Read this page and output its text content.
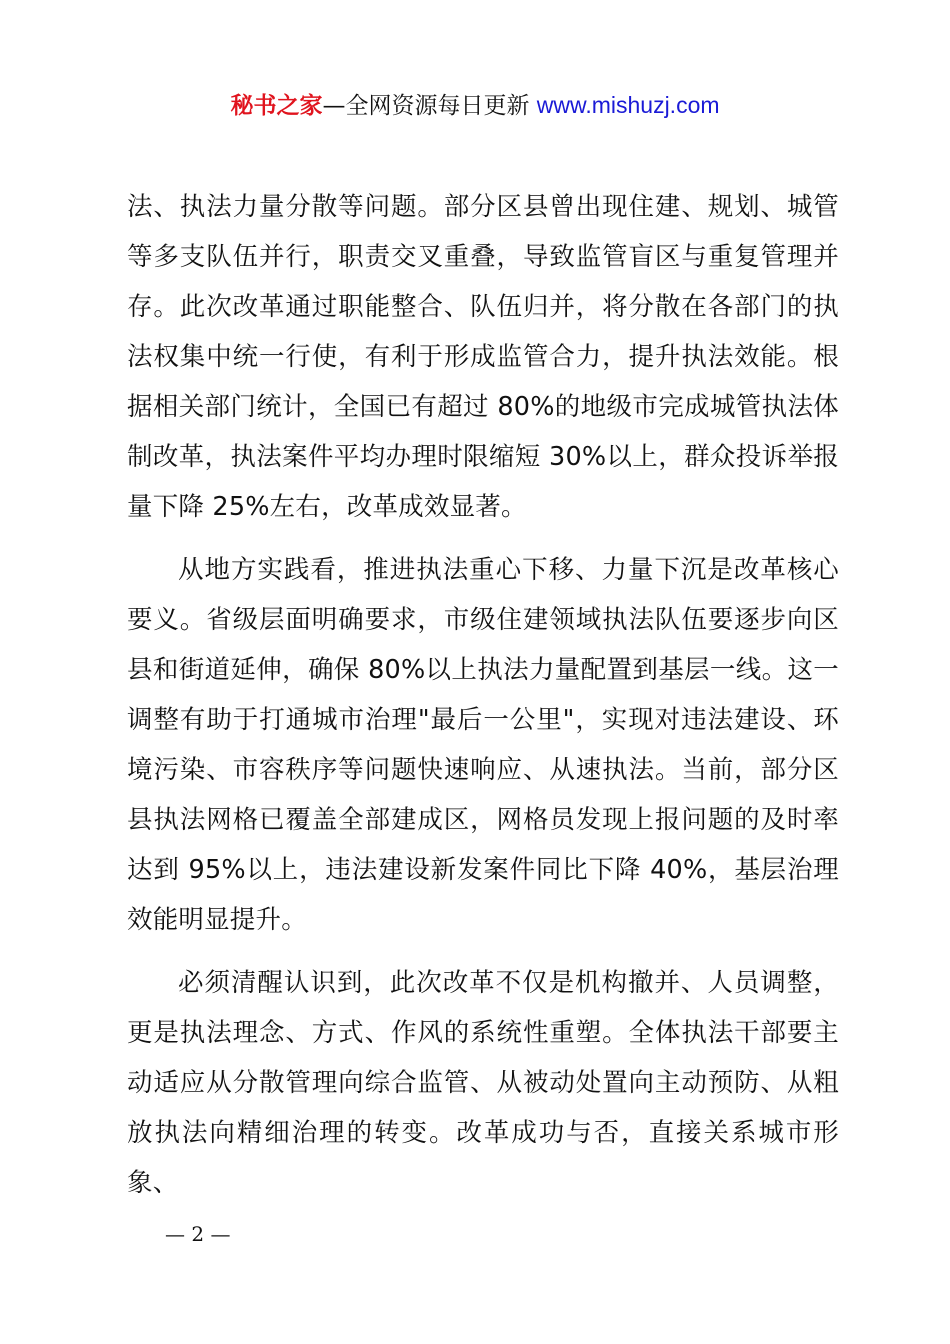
秘书之家—全网资源每日更新 www.mishuzj.com

法、执法力量分散等问题。部分区县曾出现住建、规划、城管等多支队伍并行，职责交叉重叠，导致监管盲区与重复管理并存。此次改革通过职能整合、队伍归并，将分散在各部门的执法权集中统一行使，有利于形成监管合力，提升执法效能。根据相关部门统计，全国已有超过 80%的地级市完成城管执法体制改革，执法案件平均办理时限缩短 30%以上，群众投诉举报量下降 25%左右，改革成效显著。

从地方实践看，推进执法重心下移、力量下沉是改革核心要义。省级层面明确要求，市级住建领域执法队伍要逐步向区县和街道延伸，确保 80%以上执法力量配置到基层一线。这一调整有助于打通城市治理"最后一公里"，实现对违法建设、环境污染、市容秩序等问题快速响应、从速执法。当前，部分区县执法网格已覆盖全部建成区，网格员发现上报问题的及时率达到 95%以上，违法建设新发案件同比下降 40%，基层治理效能明显提升。

必须清醒认识到，此次改革不仅是机构撤并、人员调整，更是执法理念、方式、作风的系统性重塑。全体执法干部要主动适应从分散管理向综合监管、从被动处置向主动预防、从粗放执法向精细治理的转变。改革成功与否，直接关系城市形象、

— 2 —
